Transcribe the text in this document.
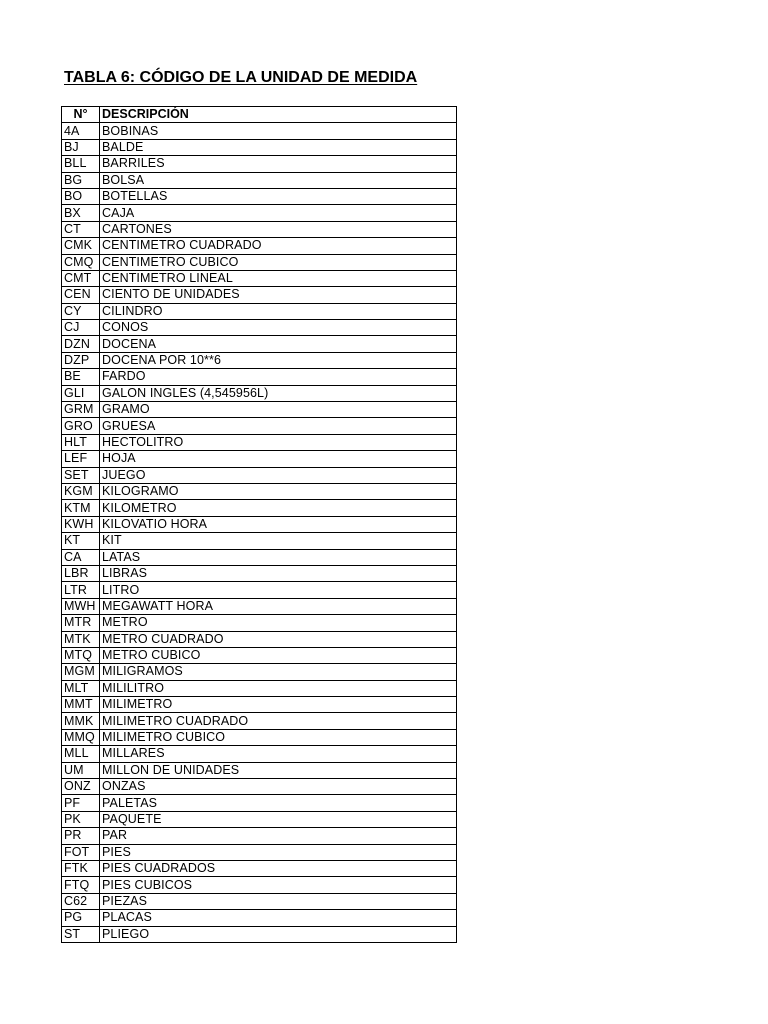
TABLA 6: CÓDIGO DE LA UNIDAD DE MEDIDA
N°	DESCRIPCIÓN
4A	BOBINAS
BJ	BALDE
BLL	BARRILES
BG	BOLSA
BO	BOTELLAS
BX	CAJA
CT	CARTONES
CMK	CENTIMETRO CUADRADO
CMQ	CENTIMETRO CUBICO
CMT	CENTIMETRO LINEAL
CEN	CIENTO DE UNIDADES
CY	CILINDRO
CJ	CONOS
DZN	DOCENA
DZP	DOCENA POR 10**6
BE	FARDO
GLI	GALON INGLES (4,545956L)
GRM	GRAMO
GRO	GRUESA
HLT	HECTOLITRO
LEF	HOJA
SET	JUEGO
KGM	KILOGRAMO
KTM	KILOMETRO
KWH	KILOVATIO HORA
KT	KIT
CA	LATAS
LBR	LIBRAS
LTR	LITRO
MWH	MEGAWATT HORA
MTR	METRO
MTK	METRO CUADRADO
MTQ	METRO CUBICO
MGM	MILIGRAMOS
MLT	MILILITRO
MMT	MILIMETRO
MMK	MILIMETRO CUADRADO
MMQ	MILIMETRO CUBICO
MLL	MILLARES
UM	MILLON DE UNIDADES
ONZ	ONZAS
PF	PALETAS
PK	PAQUETE
PR	PAR
FOT	PIES
FTK	PIES CUADRADOS
FTQ	PIES CUBICOS
C62	PIEZAS
PG	PLACAS
ST	PLIEGO
